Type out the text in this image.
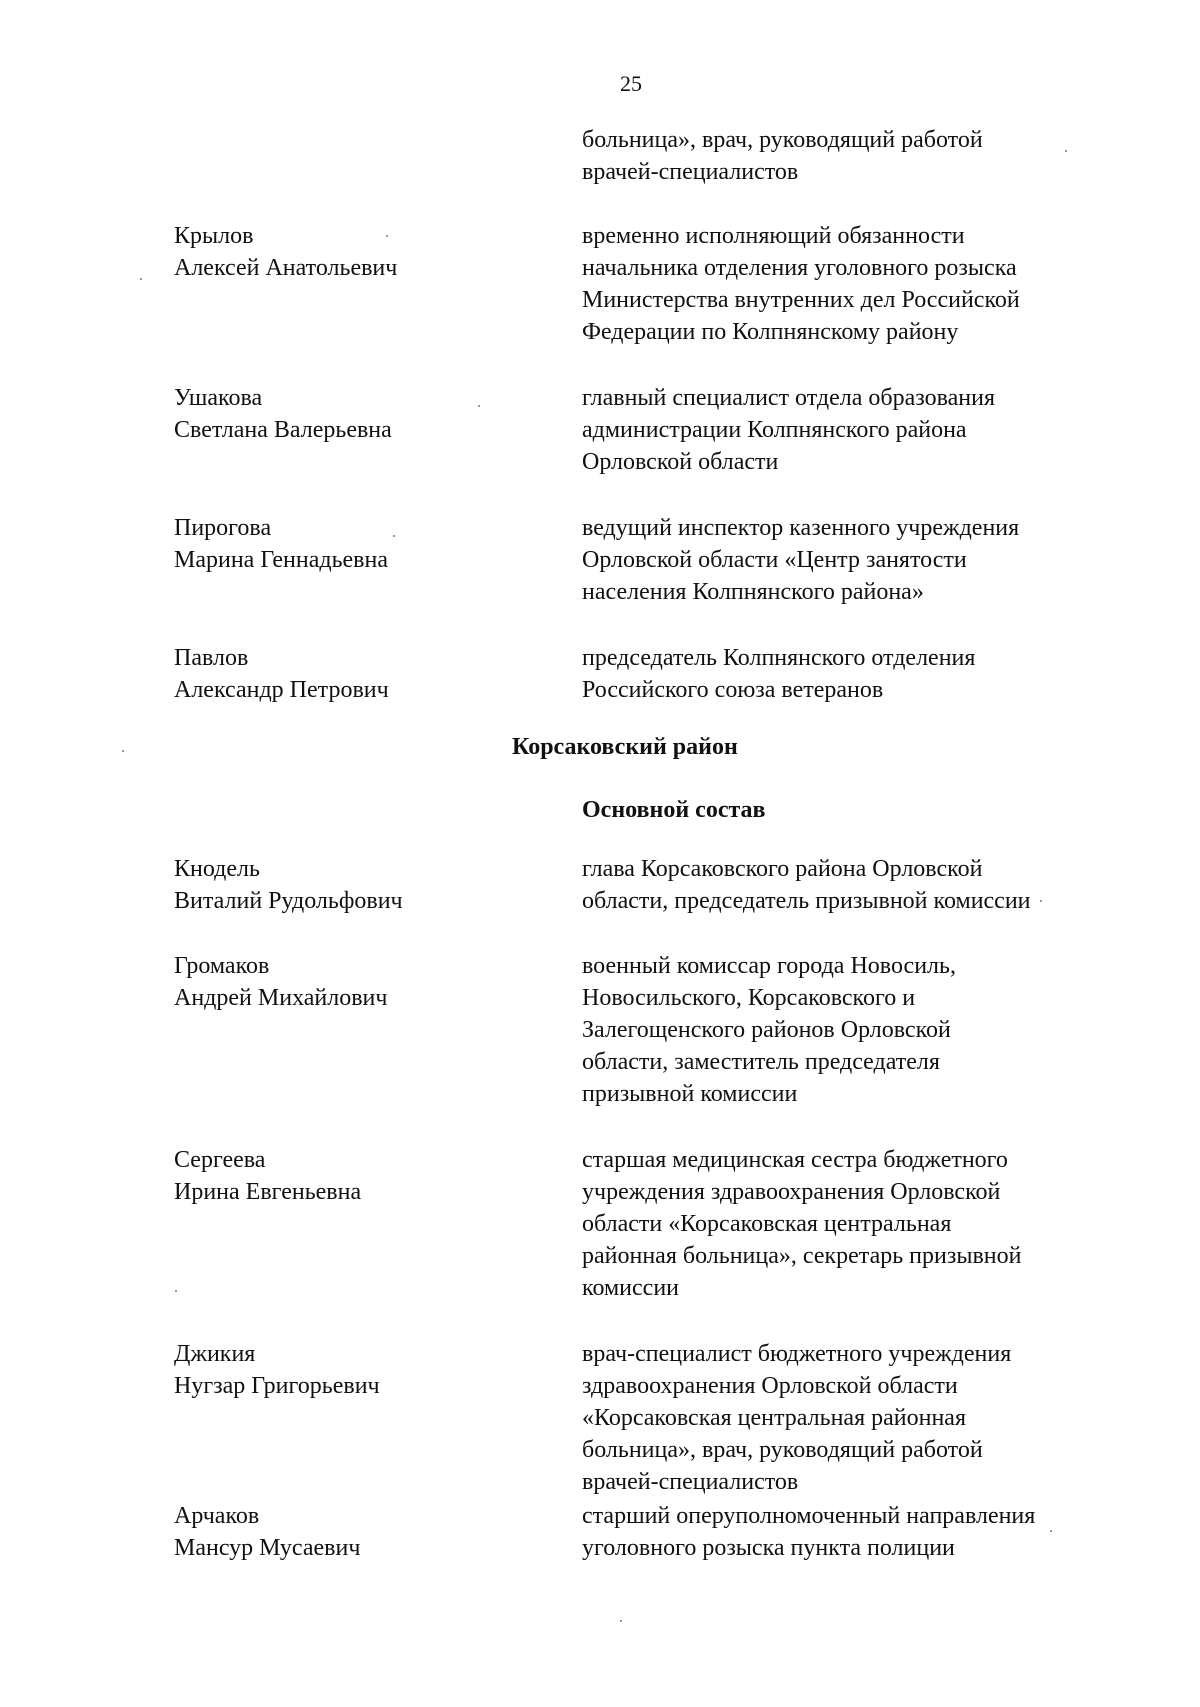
25
больница», врач, руководящий работой
врачей-специалистов
Крылов
Алексей Анатольевич
временно исполняющий обязанности
начальника отделения уголовного розыска
Министерства внутренних дел Российской
Федерации по Колпнянскому району
Ушакова
Светлана Валерьевна
главный специалист отдела образования
администрации Колпнянского района
Орловской области
Пирогова
Марина Геннадьевна
ведущий инспектор казенного учреждения
Орловской области «Центр занятости
населения Колпнянского района»
Павлов
Александр Петрович
председатель Колпнянского отделения
Российского союза ветеранов
Корсаковский район
Основной состав
Кнодель
Виталий Рудольфович
глава Корсаковского района Орловской
области, председатель призывной комиссии
Громаков
Андрей Михайлович
военный комиссар города Новосиль,
Новосильского, Корсаковского и
Залегощенского районов Орловской
области, заместитель председателя
призывной комиссии
Сергеева
Ирина Евгеньевна
старшая медицинская сестра бюджетного
учреждения здравоохранения Орловской
области «Корсаковская центральная
районная больница», секретарь призывной
комиссии
Джикия
Нугзар Григорьевич
врач-специалист бюджетного учреждения
здравоохранения Орловской области
«Корсаковская центральная районная
больница», врач, руководящий работой
врачей-специалистов
Арчаков
Мансур Мусаевич
старший оперуполномоченный направления
уголовного розыска пункта полиции
